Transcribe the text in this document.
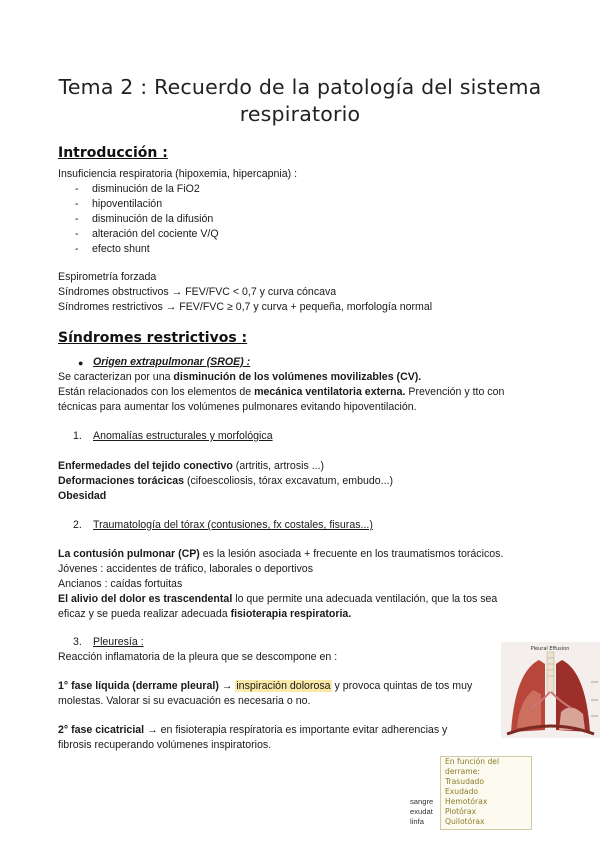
Tema 2 : Recuerdo de la patología del sistema respiratorio
Introducción :
Insuficiencia respiratoria (hipoxemia, hipercapnia) :
- disminución de la FiO2
- hipoventilación
- disminución de la difusión
- alteración del cociente V/Q
- efecto shunt
Espirometría forzada
Síndromes obstructivos → FEV/FVC < 0,7 y curva cóncava
Síndromes restrictivos → FEV/FVC ≥ 0,7 y curva + pequeña, morfología normal
Síndromes restrictivos :
● Origen extrapulmonar (SROE) :
Se caracterizan por una disminución de los volúmenes movilizables (CV).
Están relacionados con los elementos de mecánica ventilatoria externa. Prevención y tto con
técnicas para aumentar los volúmenes pulmonares evitando hipoventilación.
1. Anomalías estructurales y morfológica
Enfermedades del tejido conectivo (artritis, artrosis ...)
Deformaciones torácicas (cifoescoliosis, tórax excavatum, embudo...)
Obesidad
2. Traumatología del tórax (contusiones, fx costales, fisuras...)
La contusión pulmonar (CP) es la lesión asociada + frecuente en los traumatismos torácicos.
Jóvenes : accidentes de tráfico, laborales o deportivos
Ancianos : caídas fortuitas
El alivio del dolor es trascendental lo que permite una adecuada ventilación, que la tos sea
eficaz y se pueda realizar adecuada fisioterapia respiratoria.
3. Pleuresía :
Reacción inflamatoria de la pleura que se descompone en :
1° fase líquida (derrame pleural) → inspiración dolorosa y provoca quintas de tos muy
molestas. Valorar si su evacuación es necesaria o no.
2° fase cicatricial → en fisioterapia respiratoria es importante evitar adherencias y
fibrosis recuperando volúmenes inspiratorios.
Pleural Effusion
En función del
derrame:
Trasudado
Exudado
Hemotórax
Piotórax
Quilotórax
sangre
exudat
linfa
